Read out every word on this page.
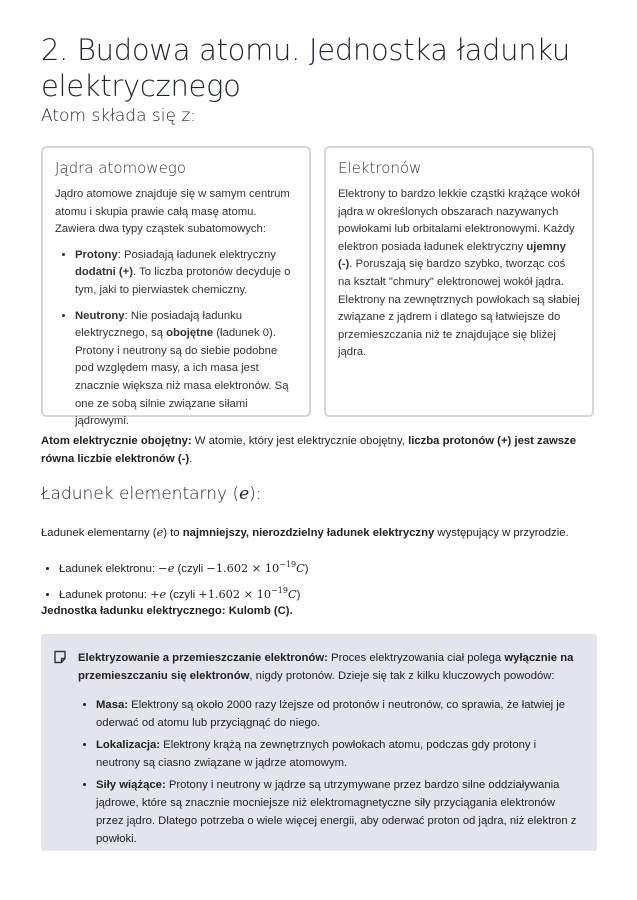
2. Budowa atomu. Jednostka ładunku elektrycznego
Atom składa się z:
Jądra atomowego

Jądro atomowe znajduje się w samym centrum atomu i skupia prawie całą masę atomu. Zawiera dwa typy cząstek subatomowych:

• Protony: Posiadają ładunek elektryczny dodatni (+). To liczba protonów decyduje o tym, jaki to pierwiastek chemiczny.
• Neutrony: Nie posiadają ładunku elektrycznego, są obojętne (ładunek 0). Protony i neutrony są do siebie podobne pod względem masy, a ich masa jest znacznie większa niż masa elektronów. Są one ze sobą silnie związane siłami jądrowymi.
Elektronów

Elektrony to bardzo lekkie cząstki krążące wokół jądra w określonych obszarach nazywanych powłokami lub orbitalami elektronowymi. Każdy elektron posiada ładunek elektryczny ujemny (-). Poruszają się bardzo szybko, tworząc coś na kształt "chmury" elektronowej wokół jądra. Elektrony na zewnętrznych powłokach są słabiej związane z jądrem i dlatego są łatwiejsze do przemieszczania niż te znajdujące się bliżej jądra.

Atom elektrycznie obojętny: W atomie, który jest elektrycznie obojętny, liczba protonów (+) jest zawsze równa liczbie elektronów (-).
Ładunek elementarny (e):
Ładunek elementarny (e) to najmniejszy, nierozdzielny ładunek elektryczny występujący w przyrodzie.
• Ładunek elektronu: −e (czyli $-1.602 \times 10^{-19}C$)
• Ładunek protonu: +e (czyli $+1.602 \times 10^{-19}C$)
Jednostka ładunku elektrycznego: Kulomb (C).

Elektryzowanie a przemieszczanie elektronów: Proces elektryzowania ciał polega wyłącznie na przemieszczaniu się elektronów, nigdy protonów. Dzieje się tak z kilku kluczowych powodów:

• Masa: Elektrony są około 2000 razy lżejsze od protonów i neutronów, co sprawia, że łatwiej je oderwać od atomu lub przyciągnąć do niego.
• Lokalizacja: Elektrony krążą na zewnętrznych powłokach atomu, podczas gdy protony i neutrony są ciasno związane w jądrze atomowym.
• Siły wiążące: Protony i neutrony w jądrze są utrzymywane przez bardzo silne oddziaływania jądrowe, które są znacznie mocniejsze niż elektromagnetyczne siły przyciągania elektronów przez jądro. Dlatego potrzeba o wiele więcej energii, aby oderwać proton od jądra, niż elektron z powłoki.
